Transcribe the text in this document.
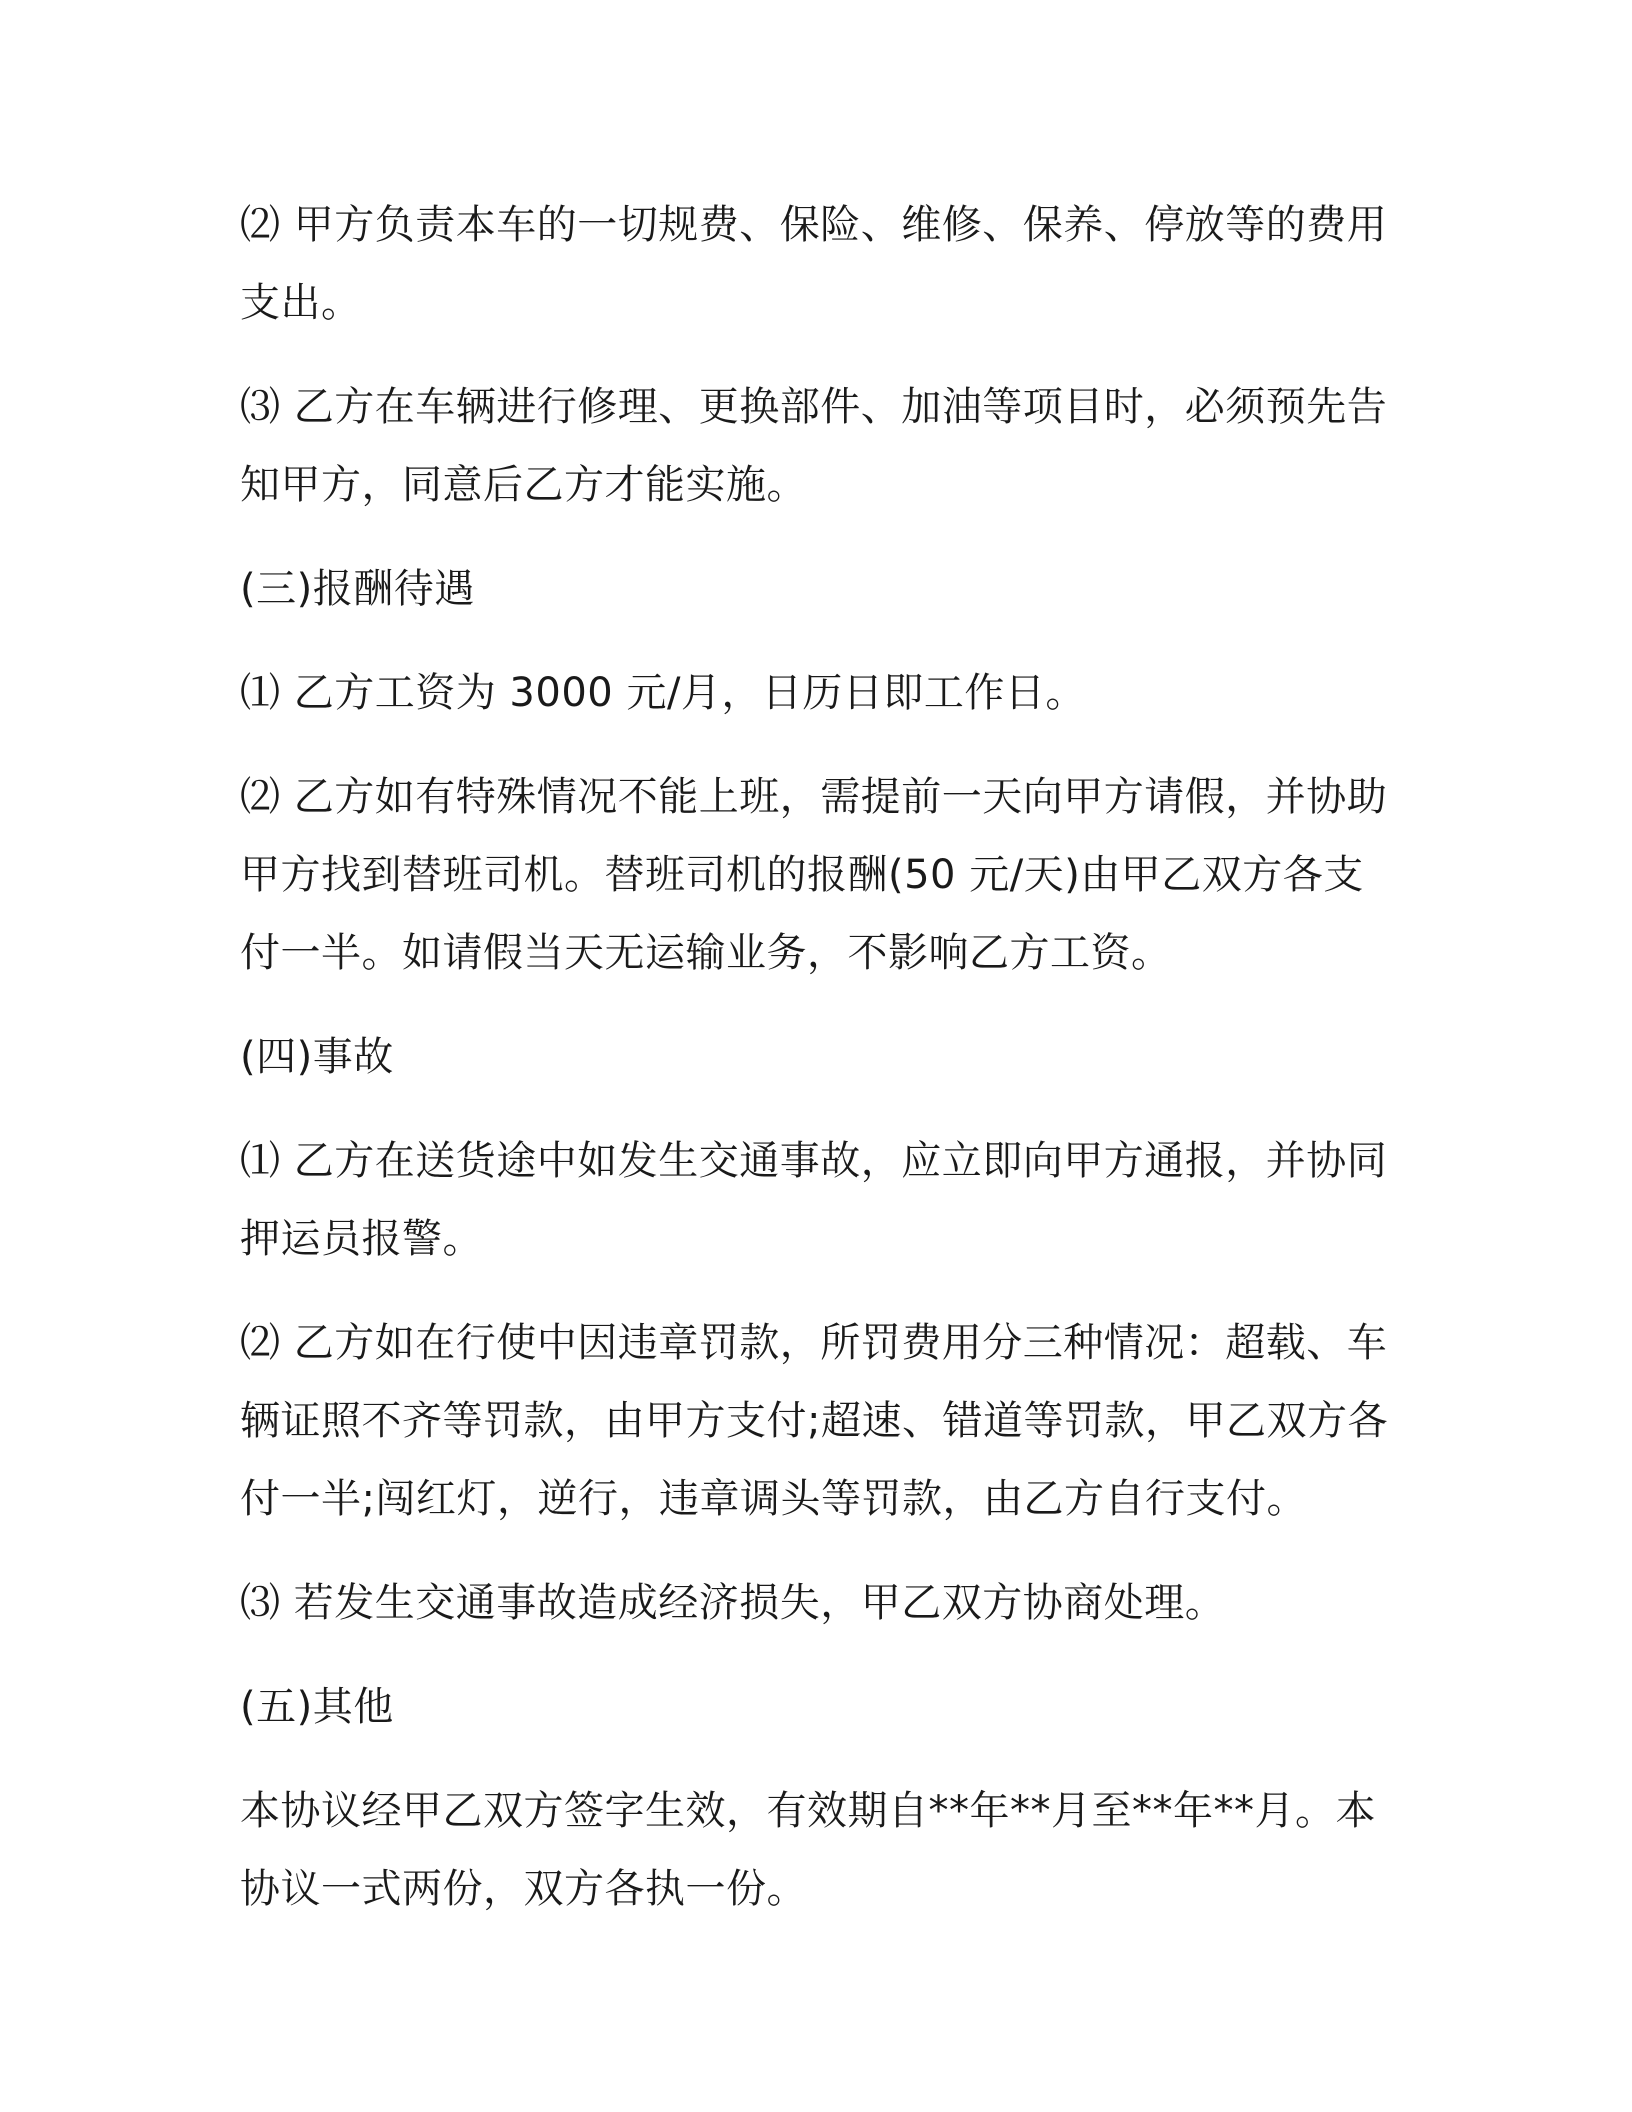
⑵ 甲方负责本车的一切规费、保险、维修、保养、停放等的费用支出。

⑶ 乙方在车辆进行修理、更换部件、加油等项目时，必须预先告知甲方，同意后乙方才能实施。

(三)报酬待遇

⑴ 乙方工资为 3000 元/月，日历日即工作日。

⑵ 乙方如有特殊情况不能上班，需提前一天向甲方请假，并协助甲方找到替班司机。替班司机的报酬(50 元/天)由甲乙双方各支付一半。如请假当天无运输业务，不影响乙方工资。

(四)事故

⑴ 乙方在送货途中如发生交通事故，应立即向甲方通报，并协同押运员报警。

⑵ 乙方如在行使中因违章罚款，所罚费用分三种情况：超载、车辆证照不齐等罚款，由甲方支付;超速、错道等罚款，甲乙双方各付一半;闯红灯，逆行，违章调头等罚款，由乙方自行支付。

⑶ 若发生交通事故造成经济损失，甲乙双方协商处理。

(五)其他

本协议经甲乙双方签字生效，有效期自**年**月至**年**月。本协议一式两份，双方各执一份。
